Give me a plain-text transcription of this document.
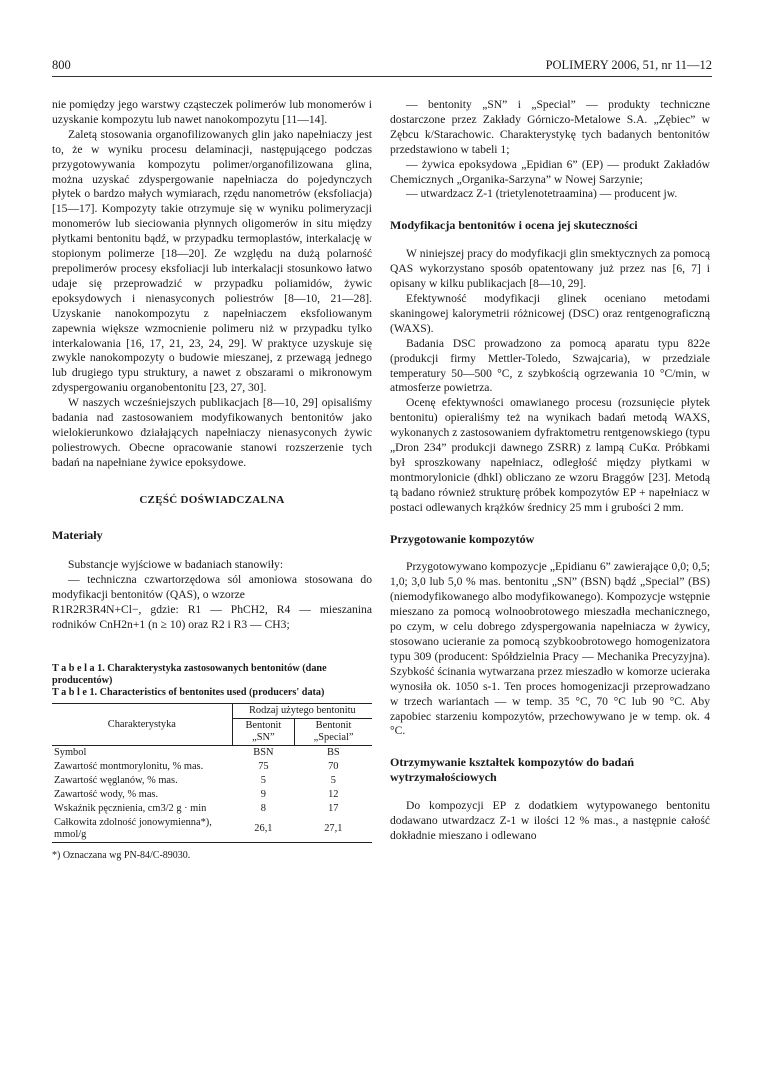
800	POLIMERY 2006, 51, nr 11—12

nie pomiędzy jego warstwy cząsteczek polimerów lub monomerów i uzyskanie kompozytu lub nawet nanokompozytu [11—14].

Zaletą stosowania organofilizowanych glin jako napełniaczy jest to, że w wyniku procesu delaminacji, następującego podczas przygotowywania kompozytu polimer/organofilizowana glina, można uzyskać zdyspergowanie napełniacza do pojedynczych płytek o bardzo małych wymiarach, rzędu nanometrów (eksfoliacja) [15—17]. Kompozyty takie otrzymuje się w wyniku polimeryzacji monomerów lub sieciowania płynnych oligomerów in situ między płytkami bentonitu bądź, w przypadku termoplastów, interkalację w stopionym polimerze [18—20]. Ze względu na dużą polarność prepolimerów procesy eksfoliacji lub interkalacji stosunkowo łatwo udaje się przeprowadzić w przypadku poliamidów, żywic epoksydowych i nienasyconych poliestrów [8—10, 21—28]. Uzyskanie nanokompozytu z napełniaczem eksfoliowanym zapewnia większe wzmocnienie polimeru niż w przypadku tylko interkalowania [16, 17, 21, 23, 24, 29]. W praktyce uzyskuje się zwykle nanokompozyty o budowie mieszanej, z przewagą jednego lub drugiego typu struktury, a nawet z obszarami o mikronowym zdyspergowaniu organobentonitu [23, 27, 30].

W naszych wcześniejszych publikacjach [8—10, 29] opisaliśmy badania nad zastosowaniem modyfikowanych bentonitów jako wielokierunkowo działających napełniaczy nienasyconych żywic poliestrowych. Obecne opracowanie stanowi rozszerzenie tych badań na napełniane żywice epoksydowe.

CZĘŚĆ DOŚWIADCZALNA
Materiały

Substancje wyjściowe w badaniach stanowiły:

— techniczna czwartorzędowa sól amoniowa stosowana do modyfikacji bentonitów (QAS), o wzorze

R1R2R3R4N+Cl−, gdzie: R1 — PhCH2, R4 — mieszanina rodników CnH2n+1 (n ≥ 10) oraz R2 i R3 — CH3;

T a b e l a 1. Charakterystyka zastosowanych bentonitów (dane producentów)
T a b l e 1. Characteristics of bentonites used (producers' data)
Charakterystyka	Rodzaj użytego bentonitu	
	Bentonit „SN”	Bentonit „Special”
Symbol	BSN	BS
Zawartość montmorylonitu, % mas.	75	70
Zawartość węglanów, % mas.	5	5
Zawartość wody, % mas.	9	12
Wskaźnik pęcznienia, cm3/2 g · min	8	17
Całkowita zdolność jonowymienna*), mmol/g	26,1	27,1
*) Oznaczana wg PN-84/C-89030.

— bentonity „SN” i „Special” — produkty techniczne dostarczone przez Zakłady Górniczo-Metalowe S.A. „Zębiec” w Zębcu k/Starachowic. Charakterystykę tych badanych bentonitów przedstawiono w tabeli 1;

— żywica epoksydowa „Epidian 6” (EP) — produkt Zakładów Chemicznych „Organika-Sarzyna” w Nowej Sarzynie;

— utwardzacz Z-1 (trietylenotetraamina) — producent jw.

Modyfikacja bentonitów i ocena jej skuteczności

W niniejszej pracy do modyfikacji glin smektycznych za pomocą QAS wykorzystano sposób opatentowany już przez nas [6, 7] i opisany w kilku publikacjach [8—10, 29].

Efektywność modyfikacji glinek oceniano metodami skaningowej kalorymetrii różnicowej (DSC) oraz rentgenograficzną (WAXS).

Badania DSC prowadzono za pomocą aparatu typu 822e (produkcji firmy Mettler-Toledo, Szwajcaria), w przedziale temperatury 50—500 °C, z szybkością ogrzewania 10 °C/min, w atmosferze powietrza.

Ocenę efektywności omawianego procesu (rozsunięcie płytek bentonitu) opieraliśmy też na wynikach badań metodą WAXS, wykonanych z zastosowaniem dyfraktometru rentgenowskiego (typu „Dron 234” produkcji dawnego ZSRR) z lampą CuKα. Próbkami był sproszkowany napełniacz, odległość między płytkami w montmorylonicie (dhkl) obliczano ze wzoru Braggów [23]. Metodą tą badano również strukturę próbek kompozytów EP + napełniacz w postaci odlewanych krążków średnicy 25 mm i grubości 2 mm.

Przygotowanie kompozytów

Przygotowywano kompozycje „Epidianu 6” zawierające 0,0; 0,5; 1,0; 3,0 lub 5,0 % mas. bentonitu „SN” (BSN) bądź „Special” (BS) (niemodyfikowanego albo modyfikowanego). Kompozycje wstępnie mieszano za pomocą wolnoobrotowego mieszadła mechanicznego, po czym, w celu dobrego zdyspergowania napełniacza w żywicy, stosowano ucieranie za pomocą szybkoobrotowego homogenizatora typu 309 (producent: Spółdzielnia Pracy — Mechanika Precyzyjna). Szybkość ścinania wytwarzana przez mieszadło w komorze ucieraka wynosiła ok. 1050 s-1. Ten proces homogenizacji przeprowadzano w trzech wariantach — w temp. 35 °C, 70 °C lub 90 °C. Aby zapobiec starzeniu kompozytów, przechowywano je w temp. ok. 4 °C.

Otrzymywanie kształtek kompozytów do badań wytrzymałościowych

Do kompozycji EP z dodatkiem wytypowanego bentonitu dodawano utwardzacz Z-1 w ilości 12 % mas., a następnie całość dokładnie mieszano i odlewano
